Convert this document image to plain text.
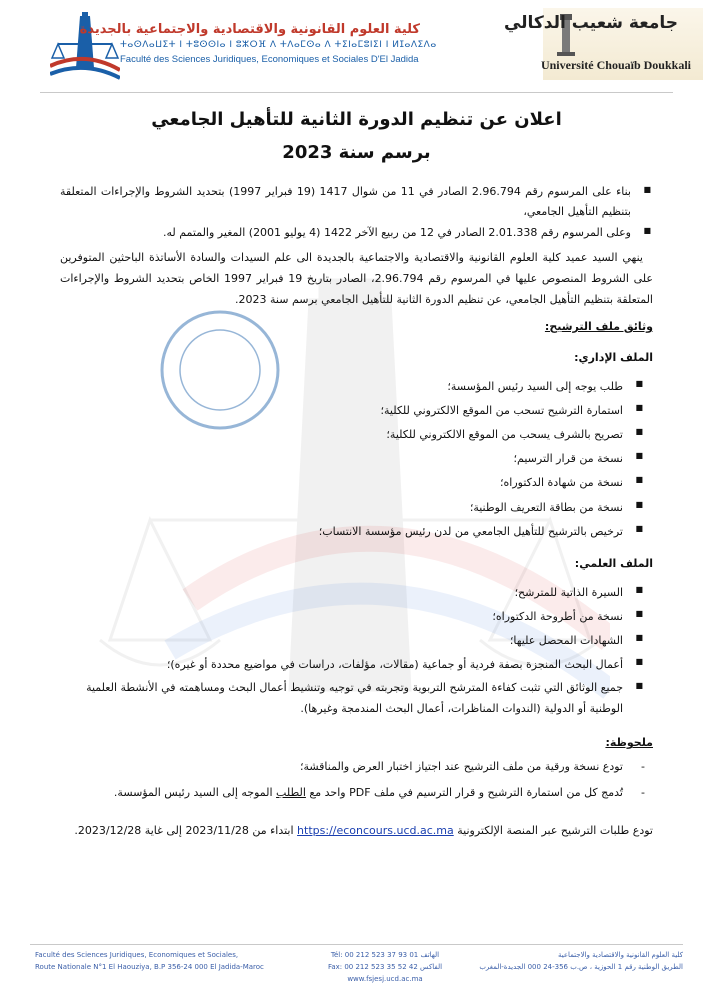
كلية العلوم القانونية والاقتصادية والاجتماعية بالجديدة
ⵜⴰⵙⴷⴰⵡⵉⵜ ⵏ ⵜⵓⵙⵙⵏⴰ ⵏ ⵓⵣⵔⴼ ⴷ ⵜⴷⴰⵎⵙⴰ ⴷ ⵜⵉⵏⴰⵎⵓⵏⵉⵏ ⵏ ⵍⵊⴰⴷⵉⴷⴰ
Faculté des Sciences Juridiques, Economiques et Sociales D'El Jadida
جامعة شعيب الدكالي
Université Chouaïb Doukkali
اعلان عن تنظيم الدورة الثانية للتأهيل الجامعي
برسم سنة 2023
■ بناء على المرسوم رقم 2.96.794 الصادر في 11 من شوال 1417 (19 فبراير 1997) بتحديد الشروط والإجراءات المتعلقة بتنظيم التأهيل الجامعي،
■ وعلى المرسوم رقم 2.01.338 الصادر في 12 من ربيع الآخر 1422 (4 يوليو 2001) المغير والمتمم له.

ينهي السيد عميد كلية العلوم القانونية والاقتصادية والاجتماعية بالجديدة الى علم السيدات والسادة الأساتذة الباحثين المتوفرين على الشروط المنصوص عليها في المرسوم رقم 2.96.794، الصادر بتاريخ 19 فبراير 1997 الخاص بتحديد الشروط والإجراءات المتعلقة بتنظيم التأهيل الجامعي، عن تنظيم الدورة الثانية للتأهيل الجامعي برسم سنة 2023.

وثائق ملف الترشيح:
الملف الإداري:
■ طلب يوجه إلى السيد رئيس المؤسسة؛
■ استمارة الترشيح تسحب من الموقع الالكتروني للكلية؛
■ تصريح بالشرف يسحب من الموقع الالكتروني للكلية؛
■ نسخة من قرار الترسيم؛
■ نسخة من شهادة الدكتوراه؛
■ نسخة من بطاقة التعريف الوطنية؛
■ ترخيص بالترشيح للتأهيل الجامعي من لدن رئيس مؤسسة الانتساب؛
الملف العلمي:
■ السيرة الذاتية للمترشح؛
■ نسخة من أطروحة الدكتوراه؛
■ الشهادات المحصل عليها؛
■ أعمال البحث المنجزة بصفة فردية أو جماعية (مقالات، مؤلفات، دراسات في مواضيع محددة أو غيره)؛
■ جميع الوثائق التي تثبت كفاءة المترشح التربوية وتجربته في توجيه وتنشيط أعمال البحث ومساهمته في الأنشطة العلمية الوطنية أو الدولية (الندوات المناظرات، أعمال البحث المندمجة وغيرها).
ملحوظة:
- تودع نسخة ورقية من ملف الترشيح عند اجتياز اختبار العرض والمناقشة؛
- تُدمج كل من استمارة الترشيح و قرار الترسيم في ملف PDF واحد مع الطلب الموجه إلى السيد رئيس المؤسسة.

تودع طلبات الترشيح عبر المنصة الإلكترونية https://econcours.ucd.ac.ma ابتداء من 2023/11/28 إلى غاية 2023/12/28.

Faculté des Sciences Juridiques, Economiques et Sociales,
Route Nationale N°1 El Haouziya, B.P 356-24 000 El Jadida-Maroc
Tél: 00 212 523 37 93 01 الهاتف
Fax: 00 212 523 35 52 42 الفاكس
www.fsjesj.ucd.ac.ma
كلية العلوم القانونية والاقتصادية والاجتماعية
الطريق الوطنية رقم 1 الحوزية ، ص.ب 356-24 000 الجديدة-المغرب
